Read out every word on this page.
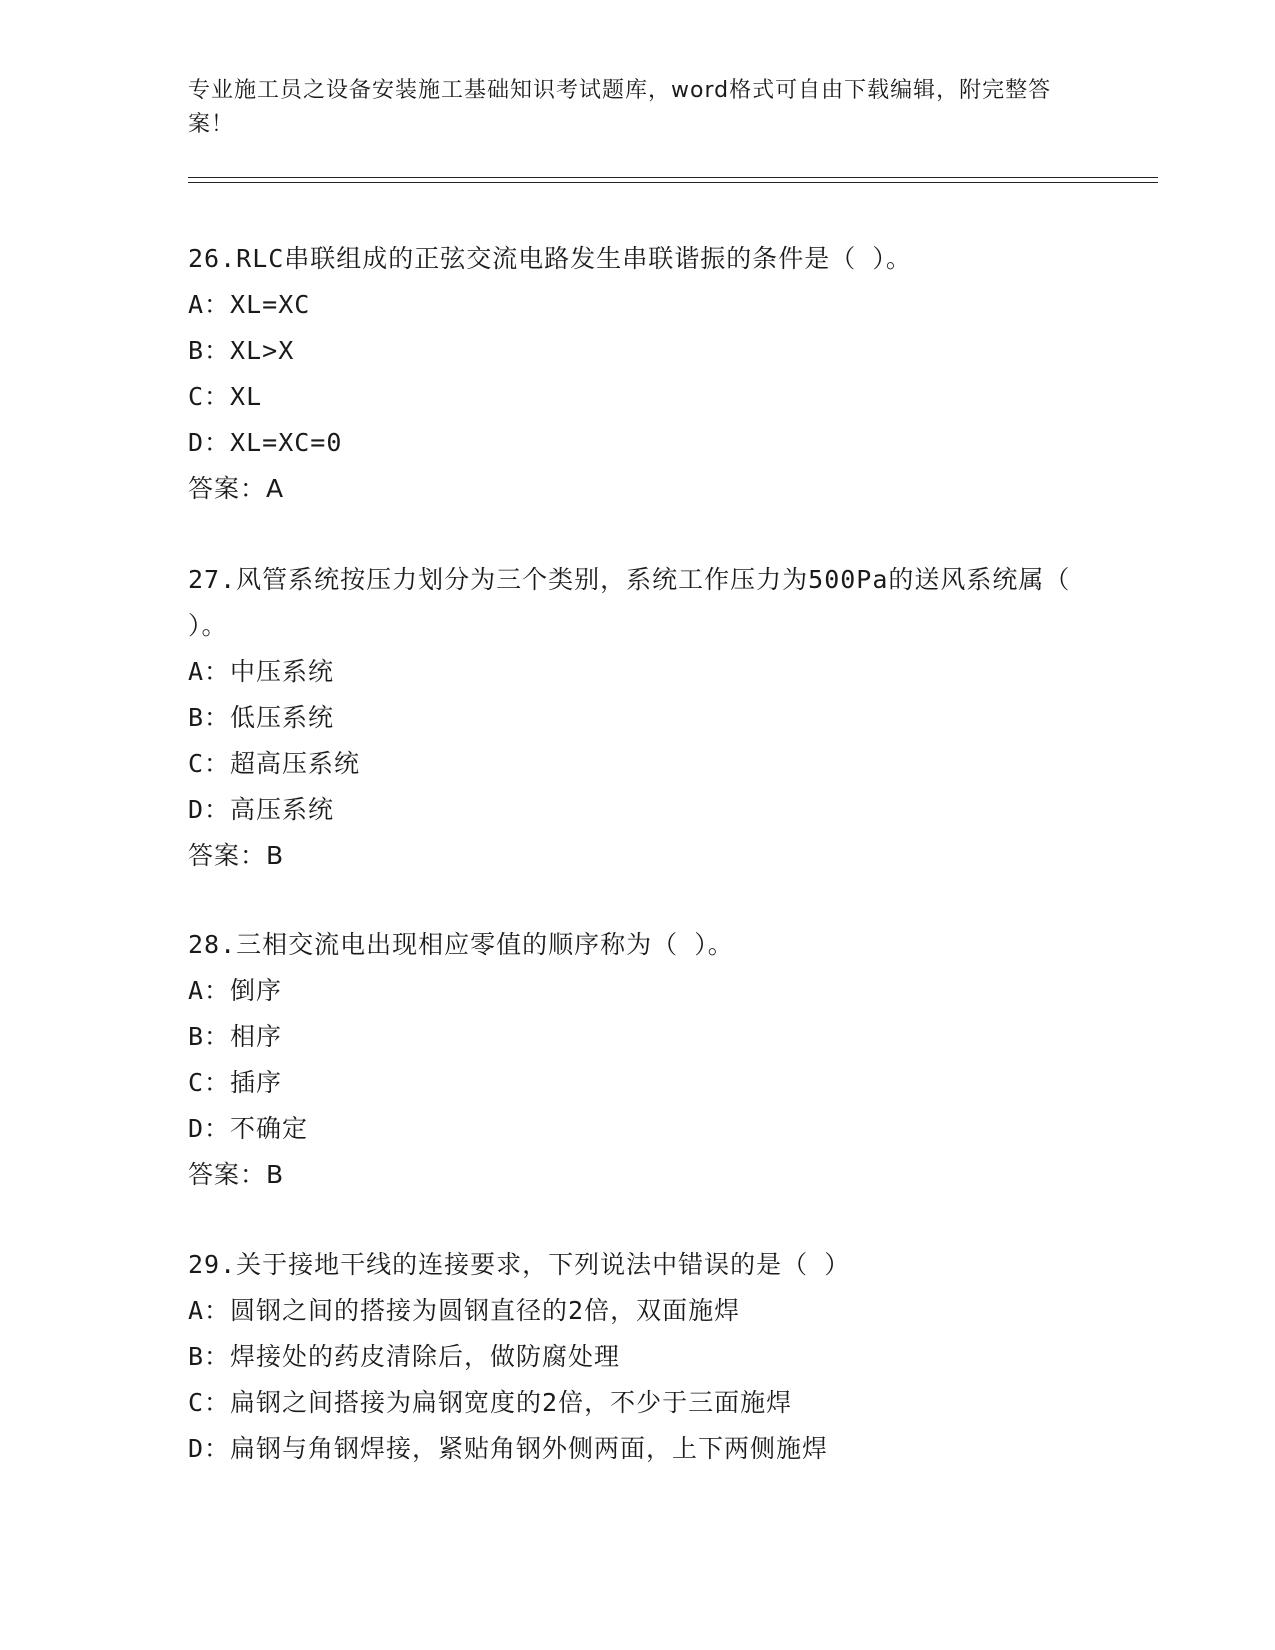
专业施工员之设备安装施工基础知识考试题库，word格式可自由下载编辑，附完整答案！

26.RLC串联组成的正弦交流电路发生串联谐振的条件是（ ）。

A：XL=XC

B：XL>X

C：XL

D：XL=XC=0

答案：A

27.风管系统按压力划分为三个类别，系统工作压力为500Pa的送风系统属（ ）。

A：中压系统

B：低压系统

C：超高压系统

D：高压系统

答案：B

28.三相交流电出现相应零值的顺序称为（ ）。

A：倒序

B：相序

C：插序

D：不确定

答案：B

29.关于接地干线的连接要求，下列说法中错误的是（ ）

A：圆钢之间的搭接为圆钢直径的2倍，双面施焊

B：焊接处的药皮清除后，做防腐处理

C：扁钢之间搭接为扁钢宽度的2倍，不少于三面施焊

D：扁钢与角钢焊接，紧贴角钢外侧两面，上下两侧施焊
